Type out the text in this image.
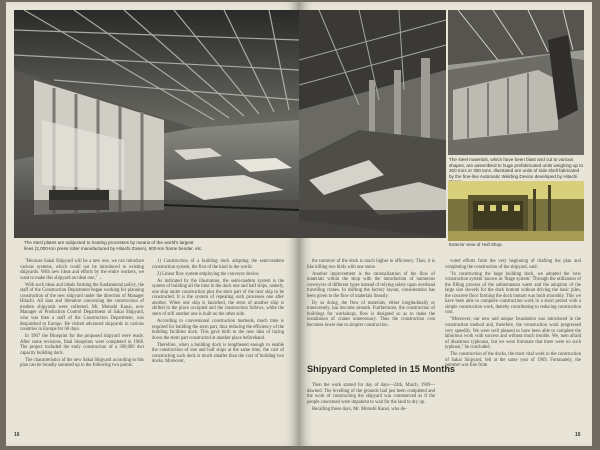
The steel plates are subjected to heating processes by means of the world's largest
lines (2,000-ton press roller manufactured by Hitachi Zosen), 600-ton frame bender, etc.

"Because Sakai Shipyard will be a new one, we can introduce various systems, which could not be introduced to existing shipyards. With new ideas and efforts by the entire workers, we want to make this shipyard an ideal one," ...

With such ideas and ideals forming the fundamental policy, the staff of the Construction Department began working for planning construction of the new shipyard under the direction of Manager Hitachi. All data and literature concerning the construction of modern shipyards were collected. Mr. Motoshi Kanai, now Manager of Production Control Department of Sakai Shipyard, who was then a staff of the Construction Department, was despatched to Europe. He visited advanced shipyards in various countries in Europe for 60 days.

In 1967 the Blueprint for the proposed shipyard were ready. After some revisions, final blueprints were completed in 1968. The project included the early construction of a 300,000 dwt capacity building dock.

The characteristics of the new Sakai Shipyard according to this plan can be broadly summed up in the following two points:

1) Construction of a building dock adopting the semi-tandem construction system, the first of the kind in the world.

2) Linear flow system employing the conveyor device.

As indicated by the illustration, the semi-tandem system is the system of building all the time in the dock one and half ships, namely, one ship under construction plus the stern part of the next ship to be constructed. It is the system of repeating such processes one after another. When one ship is launched, the stern of another ship is shifted to the place occupied and the construction follows, while the stern of still another one is built on the other side.

According to conventional construction methods, much time is required for building the stern part, thus reducing the efficiency of the building facilities dock. This gave birth to the new idea of laying down the stern part constructed at another place beforehand.

Therefore, when a building dock is lengthened enough to enable the construction of one and half ships at the same time, the cost of constructing such dock is much smaller than the cost of building two docks. Moreover,

16

The steel materials, which have been blast and cut to various shapes, are assembled to huge prefabricated units weighing up to 300 tons or 350 tons. Illustrated are units of side shell fabricated by the fine-line Automatic Welding Device developed by Hitachi

Exterior view of Hull Shop.

the turnover of the dock is much higher in efficiency. Thus, it is like killing two birds with one stone.

Another improvement is the rationalization of the flow of materials within the shop with the introduction of numerous conveyors of different types instead of relying solely upon overhead travelling cranes. In shifting the factory layout, consideration has been given to the flow of materials linearly.

By so doing, the flow of materials, either longitudinally or transversely, has become smooth. Furthermore, the construction of buildings for workshops, flow is designed so as to make the installation of cranes unnecessary. Thus the construction cost becomes lower due to simpler construction.

Shipyard Completed in 15 Months

Then the work started for day of days—24th, March, 1969—dawned. The levelling of the grounds had just been completed and the work of constructing the shipyard was commenced as if the people concerned were impatient to wait for the land to dry up.

Recalling those days, Mr. Motoshi Kanai, who de-

voted efforts from the very beginning of drafting the plan and completing the construction of the shipyard, said:

"In constructing the huge building dock, we adopted the 'new construction system' known as 'Stage system.' Through the utilization of the filling process of the subterranean water and the adoption of the large size shovels for the dock bottom without driving the basic piles, the concrete floor forming the dock bottom was built smoothly. This we have been able to complete construction work in a short period with a simple construction work, thereby contributing to reducing construction cost.

"Moreover, our new and unique foundation was introduced in the construction method and, therefore, the construction work progressed very speedily. We were well pleased to have been able to complete the laborious work with success and without much trouble. We, men afraid of disastrous typhoons, but we were fortunate that there were no such typhoon," he concluded.

The construction of the docks, the most vital work in the construction of Sakai Shipyard, fell at the same year of 1969. Fortunately, the summer was fine from

16
